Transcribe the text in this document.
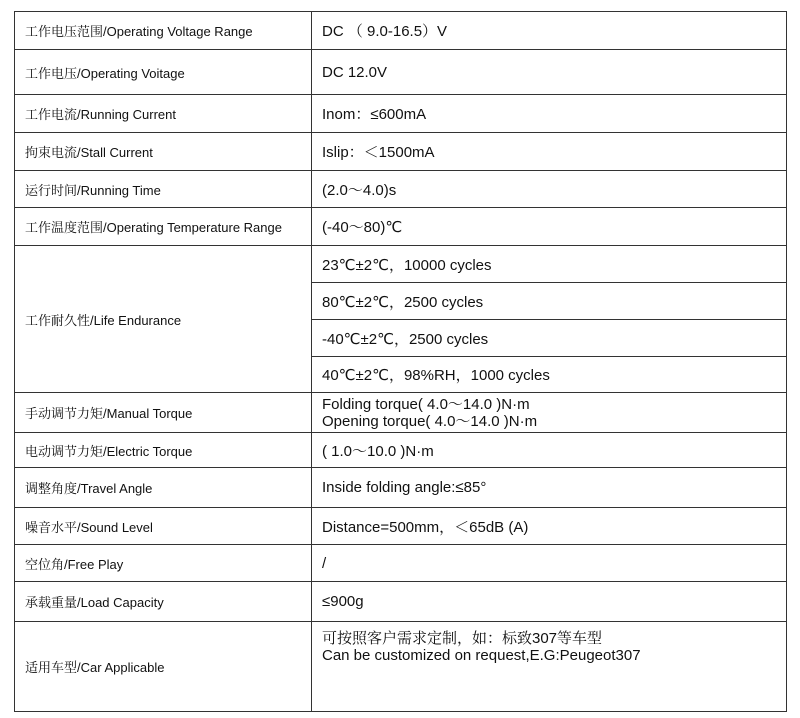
工作电压范围/Operating Voltage Range	DC （ 9.0-16.5）V
工作电压/Operating Voitage	DC 12.0V
工作电流/Running Current	Inom：≤600mA
拘束电流/Stall Current	Islip：＜1500mA
运行时间/Running Time	(2.0～4.0)s
工作温度范围/Operating Temperature Range	(-40～80)℃
工作耐久性/Life Endurance	23℃±2℃，10000 cycles
	80℃±2℃，2500 cycles
	-40℃±2℃，2500 cycles
	40℃±2℃，98%RH，1000 cycles
手动调节力矩/Manual Torque	Folding torque( 4.0～14.0 )N·m
Opening torque( 4.0～14.0 )N·m

电动调节力矩/Electric Torque	( 1.0～10.0 )N·m
调整角度/Travel Angle	Inside folding angle:≤85°
噪音水平/Sound Level	Distance=500mm，＜65dB (A)
空位角/Free Play	/
承载重量/Load Capacity	≤900g
适用车型/Car Applicable	可按照客户需求定制，如：标致307等车型
Can be customized on request,E.G:Peugeot307
